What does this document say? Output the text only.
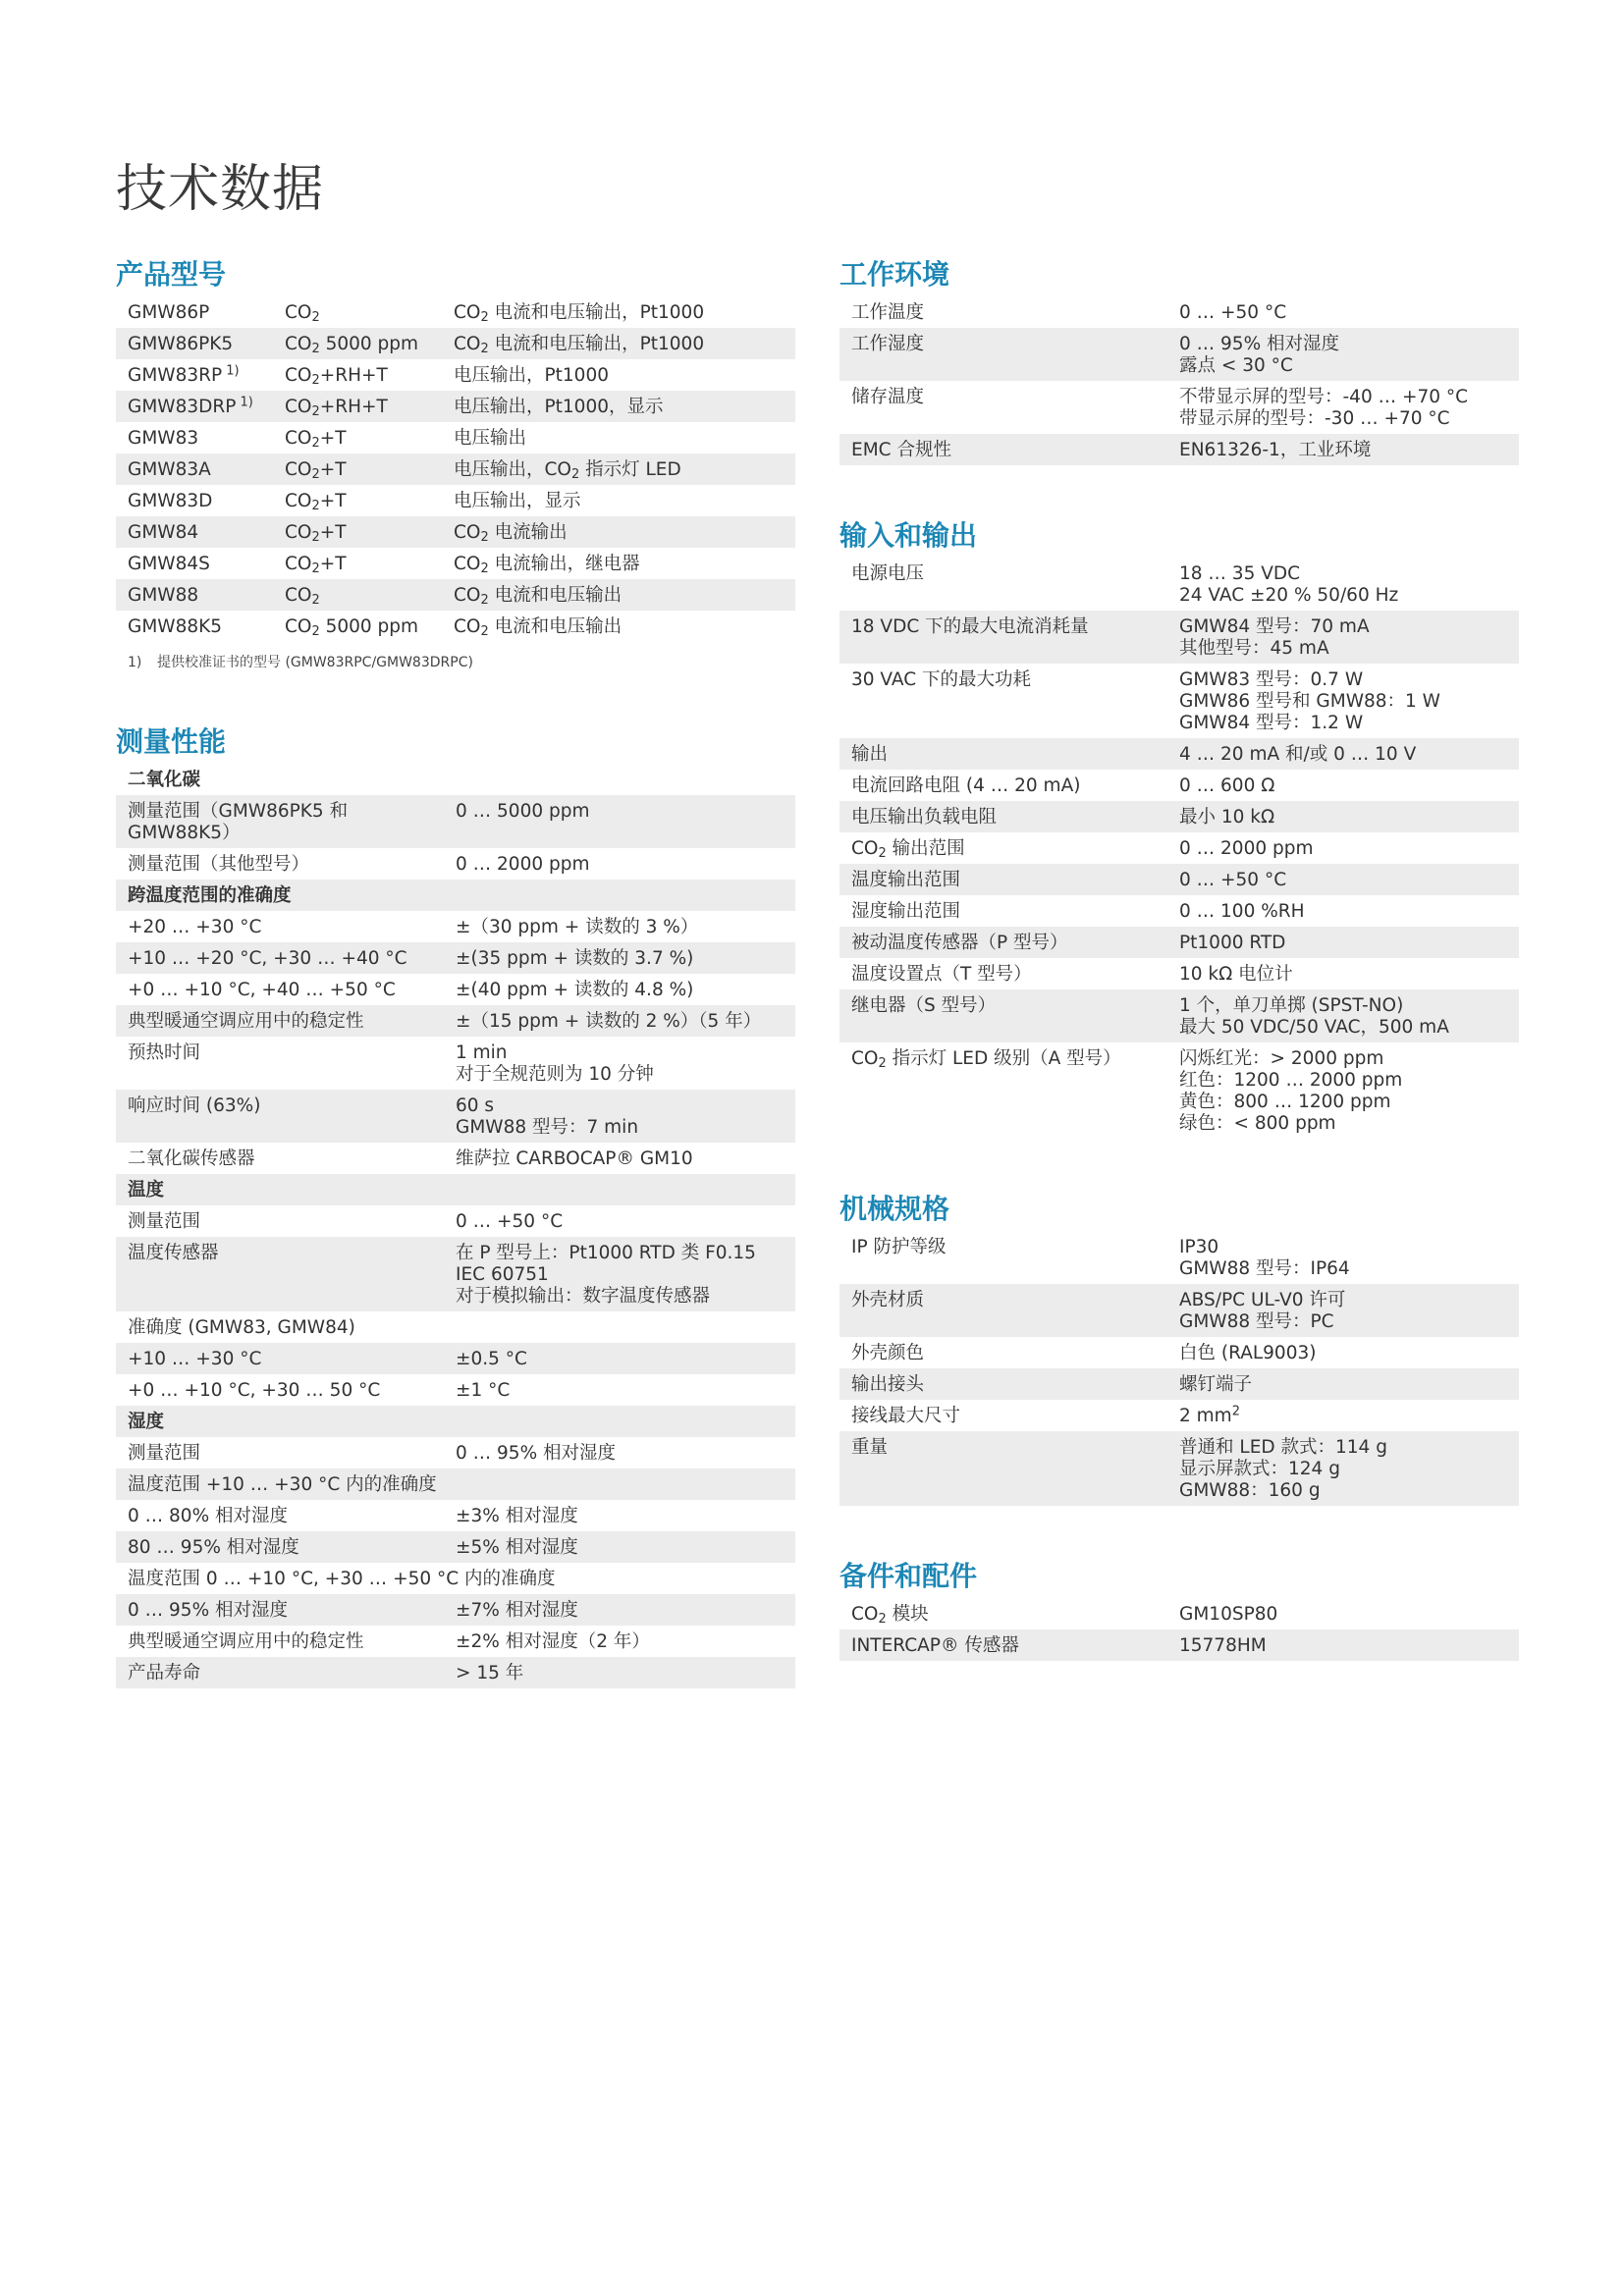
技术数据
产品型号
GMW86P	$CO_2$	$CO_2$ 电流和电压输出，Pt1000
GMW86PK5	$CO_2$ 5000 ppm	$CO_2$ 电流和电压输出，Pt1000
GMW83RP $^{1)}$	$CO_2+RH+T$	电压输出，Pt1000
GMW83DRP $^{1)}$	$CO_2+RH+T$	电压输出，Pt1000，显示
GMW83	$CO_2+T$	电压输出
GMW83A	$CO_2+T$	电压输出，$CO_2$ 指示灯 LED
GMW83D	$CO_2+T$	电压输出，显示
GMW84	$CO_2+T$	$CO_2$ 电流输出
GMW84S	$CO_2+T$	$CO_2$ 电流输出，继电器
GMW88	$CO_2$	$CO_2$ 电流和电压输出
GMW88K5	$CO_2$ 5000 ppm	$CO_2$ 电流和电压输出
1) 提供校准证书的型号 (GMW83RPC/GMW83DRPC)
测量性能
二氧化碳	
测量范围（GMW86PK5 和 GMW88K5）	0 … 5000 ppm
测量范围（其他型号）	0 … 2000 ppm
跨温度范围的准确度	
+20 … +30 °C	±（30 ppm + 读数的 3 %）
+10 … +20 °C, +30 … +40 °C	±(35 ppm + 读数的 3.7 %)
+0 … +10 °C, +40 … +50 °C	±(40 ppm + 读数的 4.8 %)
典型暖通空调应用中的稳定性	±（15 ppm + 读数的 2 %）（5 年）
预热时间	1 min
对于全规范则为 10 分钟

响应时间 (63%)	60 s
GMW88 型号：7 min

二氧化碳传感器	维萨拉 CARBOCAP® GM10
温度	
测量范围	0 … +50 °C
温度传感器	在 P 型号上：Pt1000 RTD 类 F0.15
IEC 60751
对于模拟输出：数字温度传感器

准确度 (GMW83, GMW84)	
+10 … +30 °C	±0.5 °C
+0 … +10 °C, +30 … 50 °C	±1 °C
湿度	
测量范围	0 … 95% 相对湿度
温度范围 +10 … +30 °C 内的准确度	
0 … 80% 相对湿度	±3% 相对湿度
80 … 95% 相对湿度	±5% 相对湿度
温度范围 0 … +10 °C, +30 … +50 °C 内的准确度	
0 … 95% 相对湿度	±7% 相对湿度
典型暖通空调应用中的稳定性	±2% 相对湿度（2 年）
产品寿命	> 15 年
工作环境
工作温度	0 … +50 °C

工作湿度	0 … 95% 相对湿度
露点 < 30 °C

储存温度	不带显示屏的型号：-40 … +70 °C
带显示屏的型号：-30 … +70 °C

EMC 合规性	EN61326-1，工业环境
输入和输出
电源电压	18 … 35 VDC
24 VAC ±20 % 50/60 Hz

18 VDC 下的最大电流消耗量	GMW84 型号：70 mA
其他型号：45 mA

30 VAC 下的最大功耗	GMW83 型号：0.7 W
GMW86 型号和 GMW88：1 W
GMW84 型号：1.2 W

输出	4 … 20 mA 和/或 0 … 10 V
电流回路电阻 (4 … 20 mA)	0 … 600 Ω
电压输出负载电阻	最小 10 kΩ
$CO_2$ 输出范围	0 … 2000 ppm
温度输出范围	0 … +50 °C
湿度输出范围	0 … 100 %RH
被动温度传感器（P 型号）	Pt1000 RTD
温度设置点（T 型号）	10 kΩ 电位计
继电器（S 型号）	1 个，单刀单掷 (SPST-NO)
最大 50 VDC/50 VAC，500 mA

$CO_2$ 指示灯 LED 级别（A 型号）	闪烁红光：> 2000 ppm
红色：1200 … 2000 ppm
黄色：800 … 1200 ppm
绿色：< 800 ppm
机械规格
IP 防护等级	IP30
GMW88 型号：IP64

外壳材质	ABS/PC UL-V0 许可
GMW88 型号：PC

外壳颜色	白色 (RAL9003)
输出接头	螺钉端子
接线最大尺寸	2 $mm^2$
重量	普通和 LED 款式：114 g
显示屏款式：124 g
GMW88：160 g
备件和配件
$CO_2$ 模块	GM10SP80
INTERCAP® 传感器	15778HM
